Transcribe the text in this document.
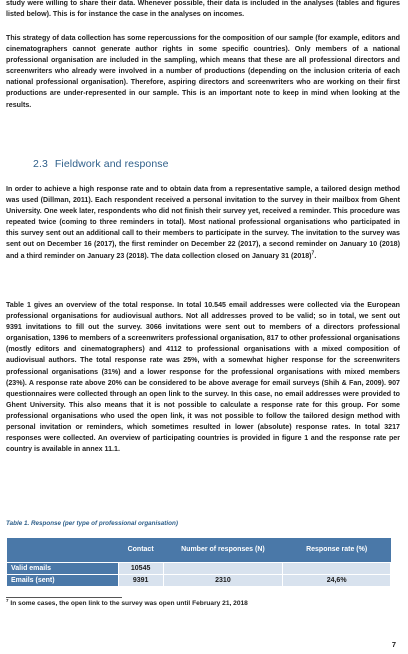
study were willing to share their data. Whenever possible, their data is included in the analyses (tables and figures listed below). This is for instance the case in the analyses on incomes.

This strategy of data collection has some repercussions for the composition of our sample (for example, editors and cinematographers cannot generate author rights in some specific countries). Only members of a national professional organisation are included in the sampling, which means that these are all professional directors and screenwriters who already were involved in a number of productions (depending on the inclusion criteria of each national professional organisation). Therefore, aspiring directors and screenwriters who are working on their first productions are under-represented in our sample. This is an important note to keep in mind when looking at the results.

2.3 Fieldwork and response

In order to achieve a high response rate and to obtain data from a representative sample, a tailored design method was used (Dillman, 2011). Each respondent received a personal invitation to the survey in their mailbox from Ghent University. One week later, respondents who did not finish their survey yet, received a reminder. This procedure was repeated twice (coming to three reminders in total). Most national professional organisations who participated in this survey sent out an additional call to their members to participate in the survey. The invitation to the survey was sent out on December 16 (2017), the first reminder on December 22 (2017), a second reminder on January 10 (2018) and a third reminder on January 23 (2018). The data collection closed on January 31 $(2018)^7$.

Table 1 gives an overview of the total response. In total 10.545 email addresses were collected via the European professional organisations for audiovisual authors. Not all addresses proved to be valid; so in total, we sent out 9391 invitations to fill out the survey. 3066 invitations were sent out to members of a directors professional organisation, 1396 to members of a screenwriters professional organisation, 817 to other professional organisations (mostly editors and cinematographers) and 4112 to professional organisations with a mixed composition of audiovisual authors. The total response rate was 25%, with a somewhat higher response for the screenwriters professional organisations (31%) and a lower response for the professional organisations with mixed members (23%). A response rate above 20% can be considered to be above average for email surveys (Shih & Fan, 2009). 907 questionnaires were collected through an open link to the survey. In this case, no email addresses were provided to Ghent University. This also means that it is not possible to calculate a response rate for this group. For some professional organisations who used the open link, it was not possible to follow the tailored design method with personal invitation or reminders, which sometimes resulted in lower (absolute) response rates. In total 3217 responses were collected. An overview of participating countries is provided in figure 1 and the response rate per country is available in annex 11.1.

Table 1. Response (per type of professional organisation)
	Contact	Number of responses (N)	Response rate (%)
Valid emails	10545		
Emails (sent)	9391	2310	24,6%
$^7$ In some cases, the open link to the survey was open until February 21, 2018
7
